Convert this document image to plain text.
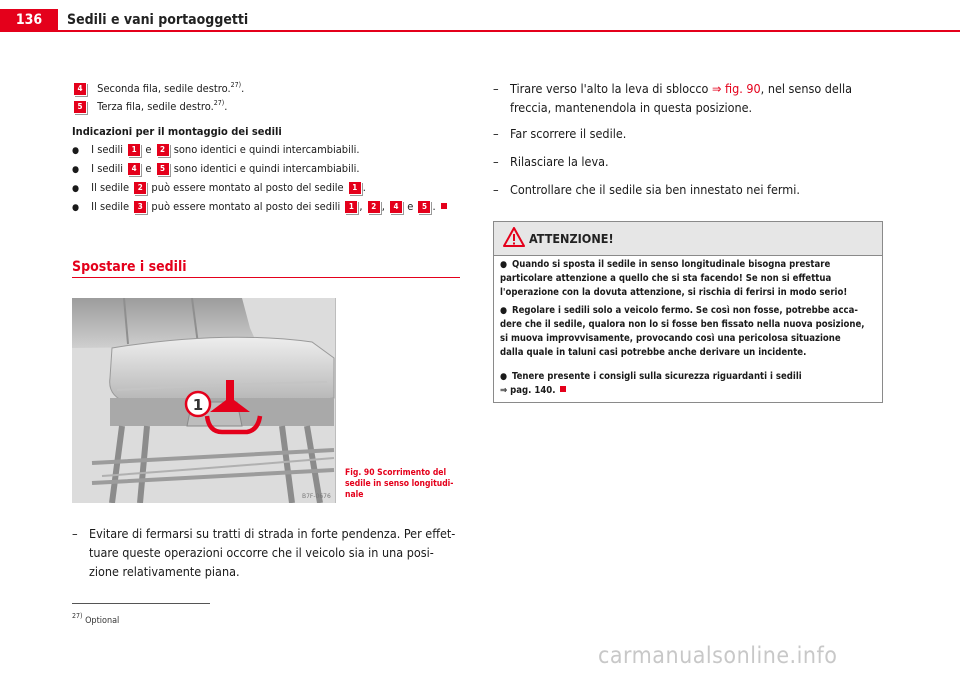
136	Sedili e vani portaoggetti
4 Seconda fila, sedile destro.$^{27)}$.
5 Terza fila, sedile destro.$^{27)}$.
Indicazioni per il montaggio dei sedili
● I sedili 1 e 2 sono identici e quindi intercambiabili.
● I sedili 4 e 5 sono identici e quindi intercambiabili.
● Il sedile 2 può essere montato al posto del sedile 1 .
● Il sedile 3 può essere montato al posto dei sedili 1 , 2 , 4 e 5 .
Spostare i sedili
1
B7F-0676
Fig. 90 Scorrimento del
sedile in senso longitudi-
nale
– Evitare di fermarsi su tratti di strada in forte pendenza. Per effet-
tuare queste operazioni occorre che il veicolo sia in una posi-
zione relativamente piana.
– Tirare verso l'alto la leva di sblocco ⇒ fig. 90, nel senso della
freccia, mantenendola in questa posizione.
– Far scorrere il sedile.
– Rilasciare la leva.
– Controllare che il sedile sia ben innestato nei fermi.
ATTENZIONE!
● Quando si sposta il sedile in senso longitudinale bisogna prestare
particolare attenzione a quello che si sta facendo! Se non si effettua
l'operazione con la dovuta attenzione, si rischia di ferirsi in modo serio!
● Regolare i sedili solo a veicolo fermo. Se così non fosse, potrebbe acca-
dere che il sedile, qualora non lo si fosse ben fissato nella nuova posizione,
si muova improvvisamente, provocando così una pericolosa situazione
dalla quale in taluni casi potrebbe anche derivare un incidente.
● Tenere presente i consigli sulla sicurezza riguardanti i sedili
⇒ pag. 140.
$^{27)}$ Optional
carmanualsonline.info
